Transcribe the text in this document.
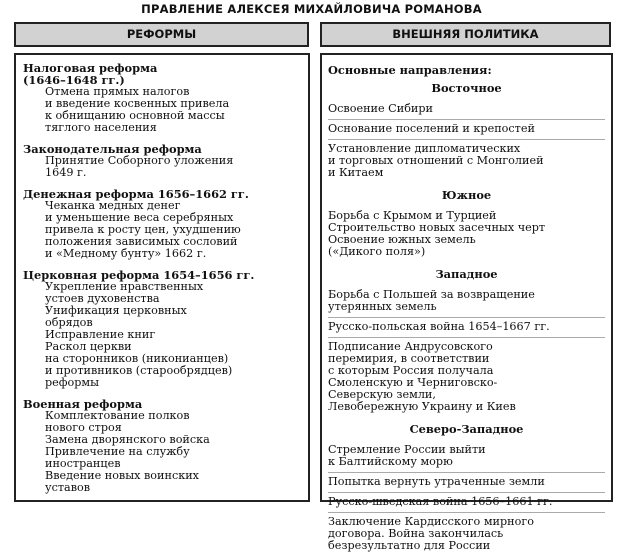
ПРАВЛЕНИЕ АЛЕКСЕЯ МИХАЙЛОВИЧА РОМАНОВА
РЕФОРМЫ	ВНЕШНЯЯ ПОЛИТИКА
Налоговая реформа
(1646–1648 гг.)
Отмена прямых налогов
и введение косвенных привела
к обнищанию основной массы
тяглого населения
Законодательная реформа
Принятие Соборного уложения
1649 г.
Денежная реформа 1656–1662 гг.
Чеканка медных денег
и уменьшение веса серебряных
привела к росту цен, ухудшению
положения зависимых сословий
и «Медному бунту» 1662 г.
Церковная реформа 1654–1656 гг.
Укрепление нравственных
устоев духовенства
Унификация церковных
обрядов
Исправление книг
Раскол церкви
на сторонников (никонианцев)
и противников (старообрядцев)
реформы
Военная реформа
Комплектование полков
нового строя
Замена дворянского войска
Привлечение на службу
иностранцев
Введение новых воинских
уставов
Основные направления:
Восточное
Освоение Сибири
Основание поселений и крепостей
Установление дипломатических
и торговых отношений с Монголией
и Китаем
Южное
Борьба с Крымом и Турцией
Строительство новых засечных черт
Освоение южных земель
(«Дикого поля»)
Западное
Борьба с Польшей за возвращение
утерянных земель
Русско-польская война 1654–1667 гг.
Подписание Андрусовского
перемирия, в соответствии
с которым Россия получала
Смоленскую и Черниговско-
Северскую земли,
Левобережную Украину и Киев
Северо-Западное
Стремление России выйти
к Балтийскому морю
Попытка вернуть утраченные земли
Русско-шведская война 1656–1661 гг.
Заключение Кардисского мирного
договора. Война закончилась
безрезультатно для России
